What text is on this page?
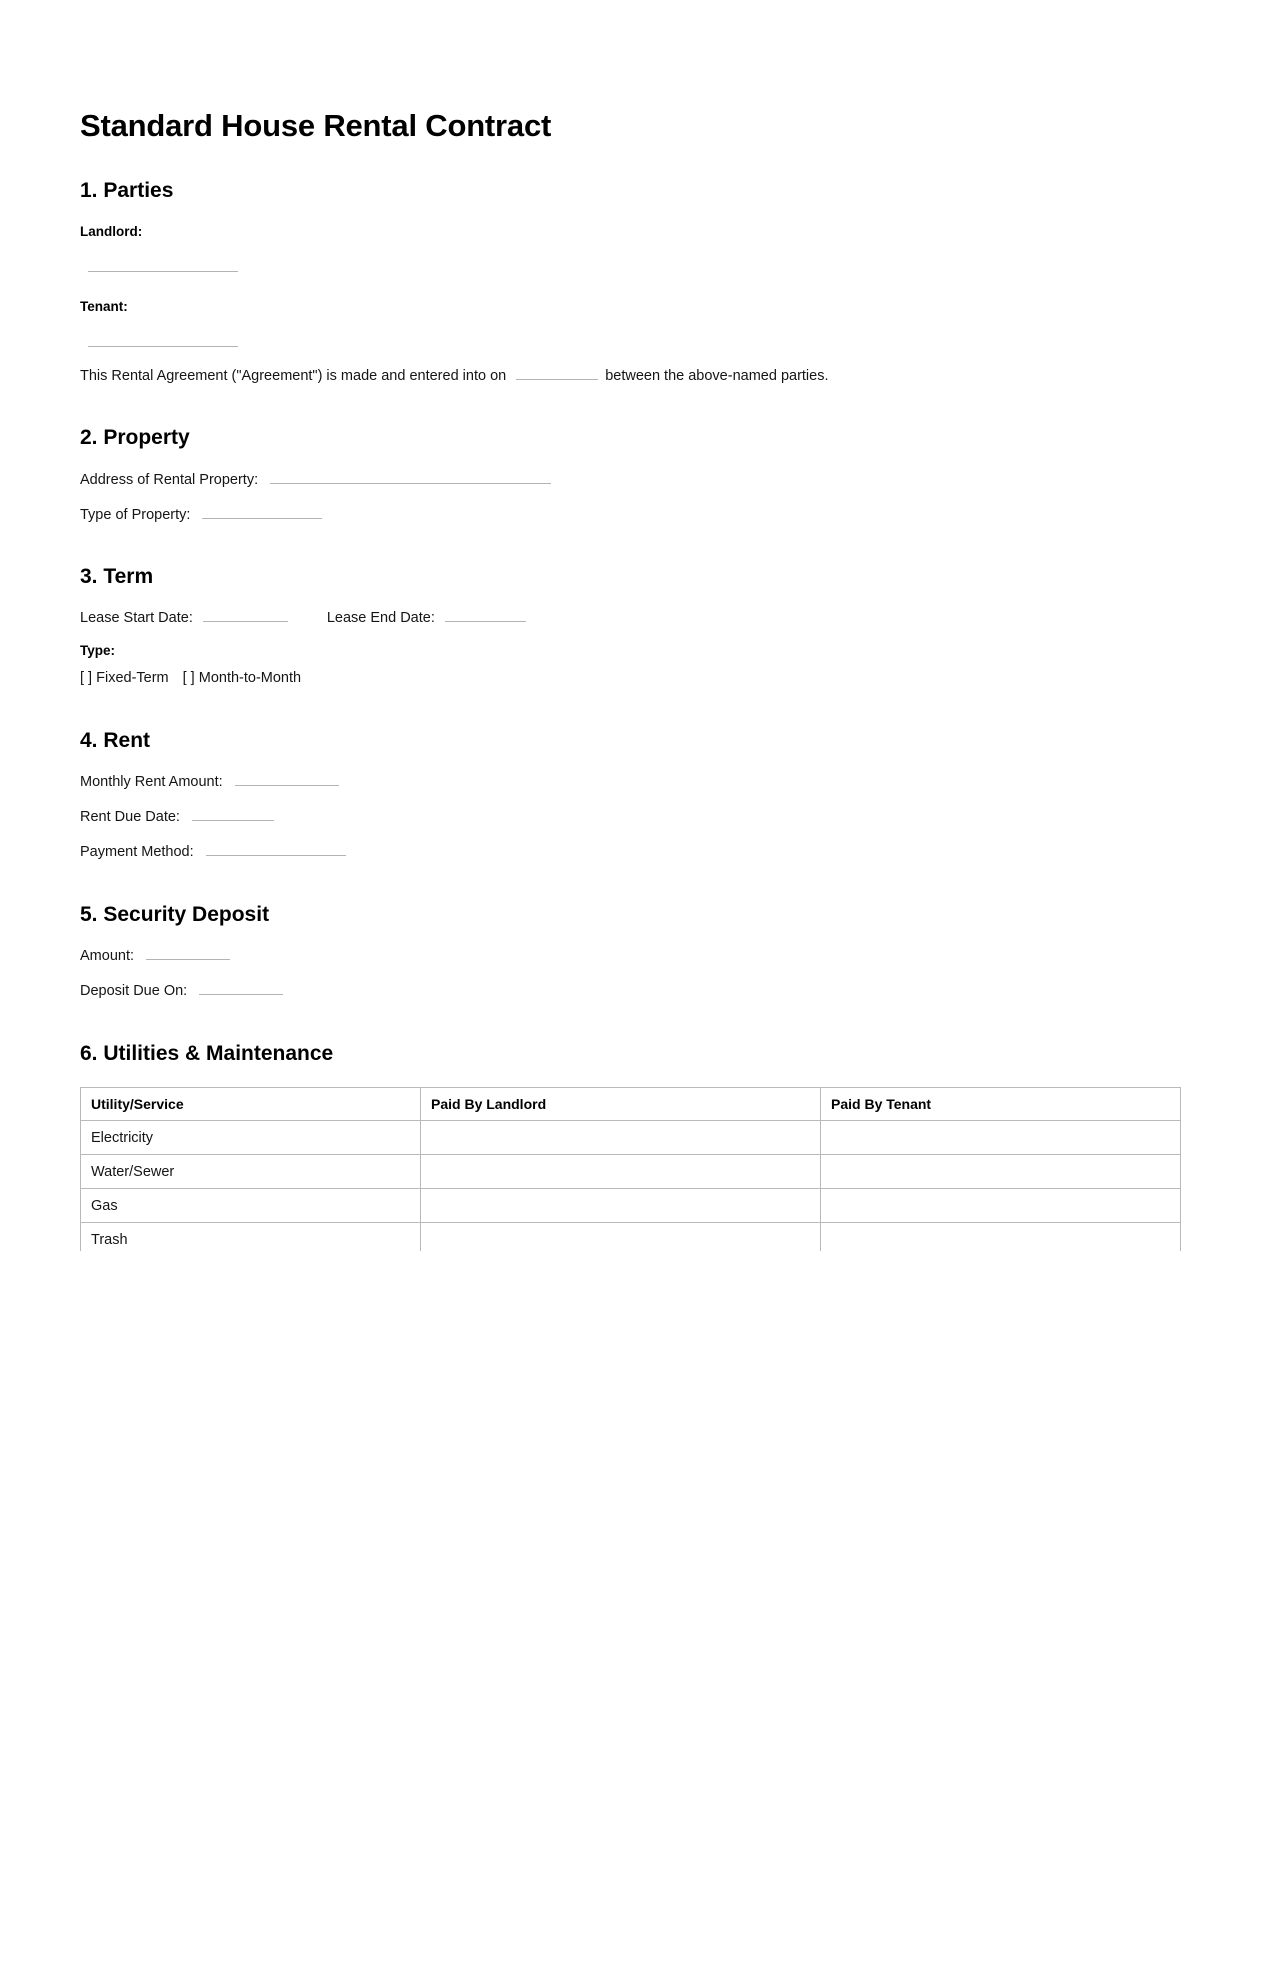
Standard House Rental Contract
1. Parties
Landlord:
Tenant:
This Rental Agreement ("Agreement") is made and entered into on	between the above-named parties.
2. Property
Address of Rental Property:
Type of Property:
3. Term
Lease Start Date:	Lease End Date:
Type:
[ ] Fixed-Term [ ] Month-to-Month
4. Rent
Monthly Rent Amount:
Rent Due Date:
Payment Method:
5. Security Deposit
Amount:
Deposit Due On:
6. Utilities & Maintenance
Utility/Service	Paid By Landlord	Paid By Tenant
Electricity		
Water/Sewer		
Gas		
Trash		
